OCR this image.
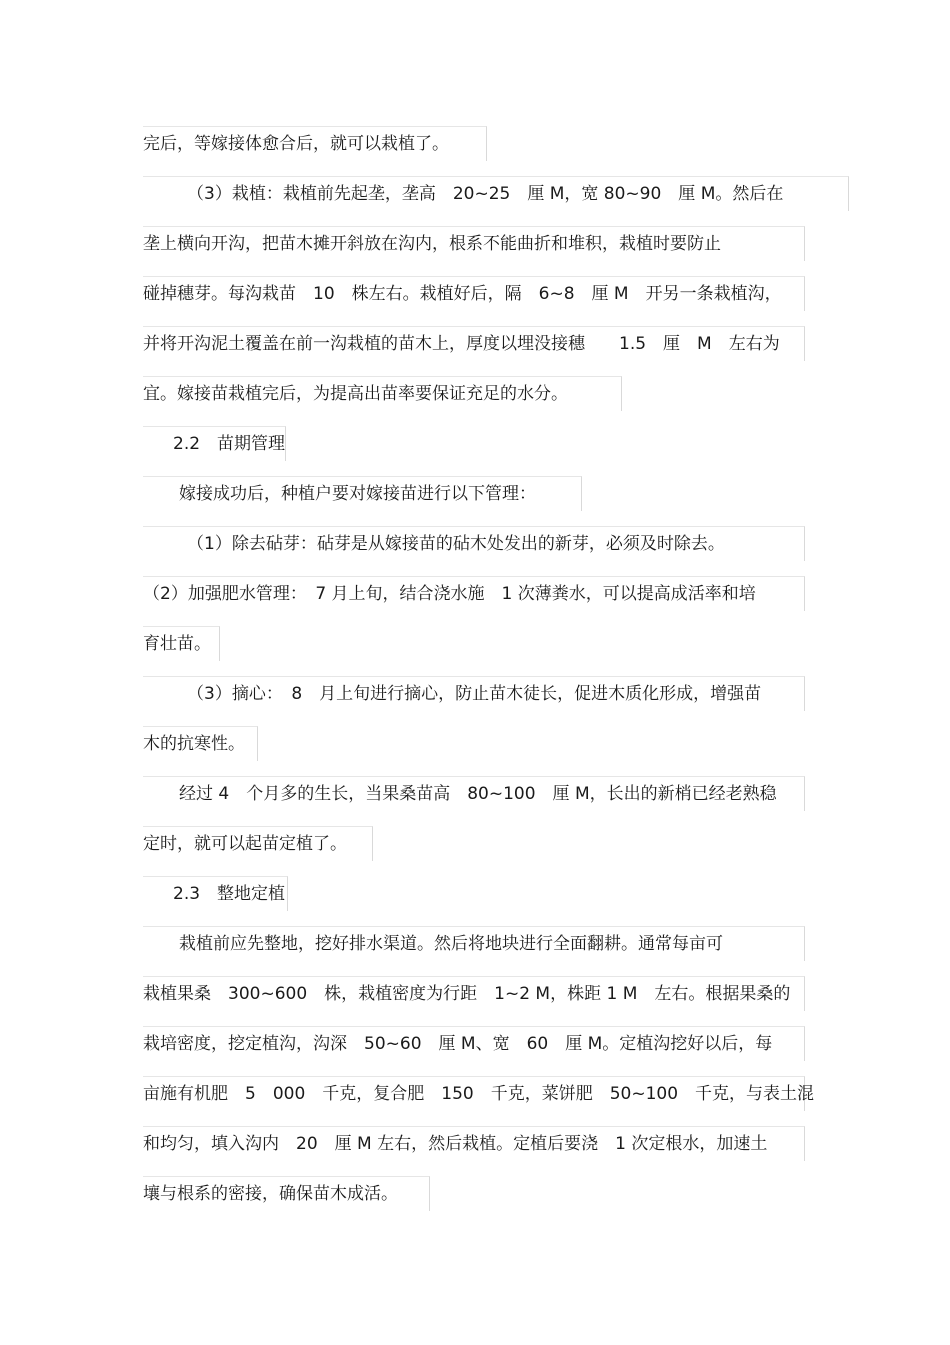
完后，等嫁接体愈合后，就可以栽植了。
（3）栽植：栽植前先起垄，垄高　20~25　厘 M，宽 80~90　厘 M。然后在
垄上横向开沟，把苗木摊开斜放在沟内，根系不能曲折和堆积，栽植时要防止
碰掉穗芽。每沟栽苗　10　株左右。栽植好后，隔　6~8　厘 M　开另一条栽植沟，
并将开沟泥土覆盖在前一沟栽植的苗木上，厚度以埋没接穗　　1.5　厘　M　左右为
宜。嫁接苗栽植完后，为提高出苗率要保证充足的水分。
2.2　苗期管理
嫁接成功后，种植户要对嫁接苗进行以下管理：
（1）除去砧芽：砧芽是从嫁接苗的砧木处发出的新芽，必须及时除去。
（2）加强肥水管理：　7 月上旬，结合浇水施　1 次薄粪水，可以提高成活率和培
育壮苗。
（3）摘心：　8　月上旬进行摘心，防止苗木徒长，促进木质化形成，增强苗
木的抗寒性。
经过 4　个月多的生长，当果桑苗高　80~100　厘 M，长出的新梢已经老熟稳
定时，就可以起苗定植了。
2.3　整地定植
栽植前应先整地，挖好排水渠道。然后将地块进行全面翻耕。通常每亩可
栽植果桑　300~600　株，栽植密度为行距　1~2 M，株距 1 M　左右。根据果桑的
栽培密度，挖定植沟，沟深　50~60　厘 M、宽　60　厘 M。定植沟挖好以后，每
亩施有机肥　5　000　千克，复合肥　150　千克，菜饼肥　50~100　千克，与表土混
和均匀，填入沟内　20　厘 M 左右，然后栽植。定植后要浇　1 次定根水，加速土
壤与根系的密接，确保苗木成活。
